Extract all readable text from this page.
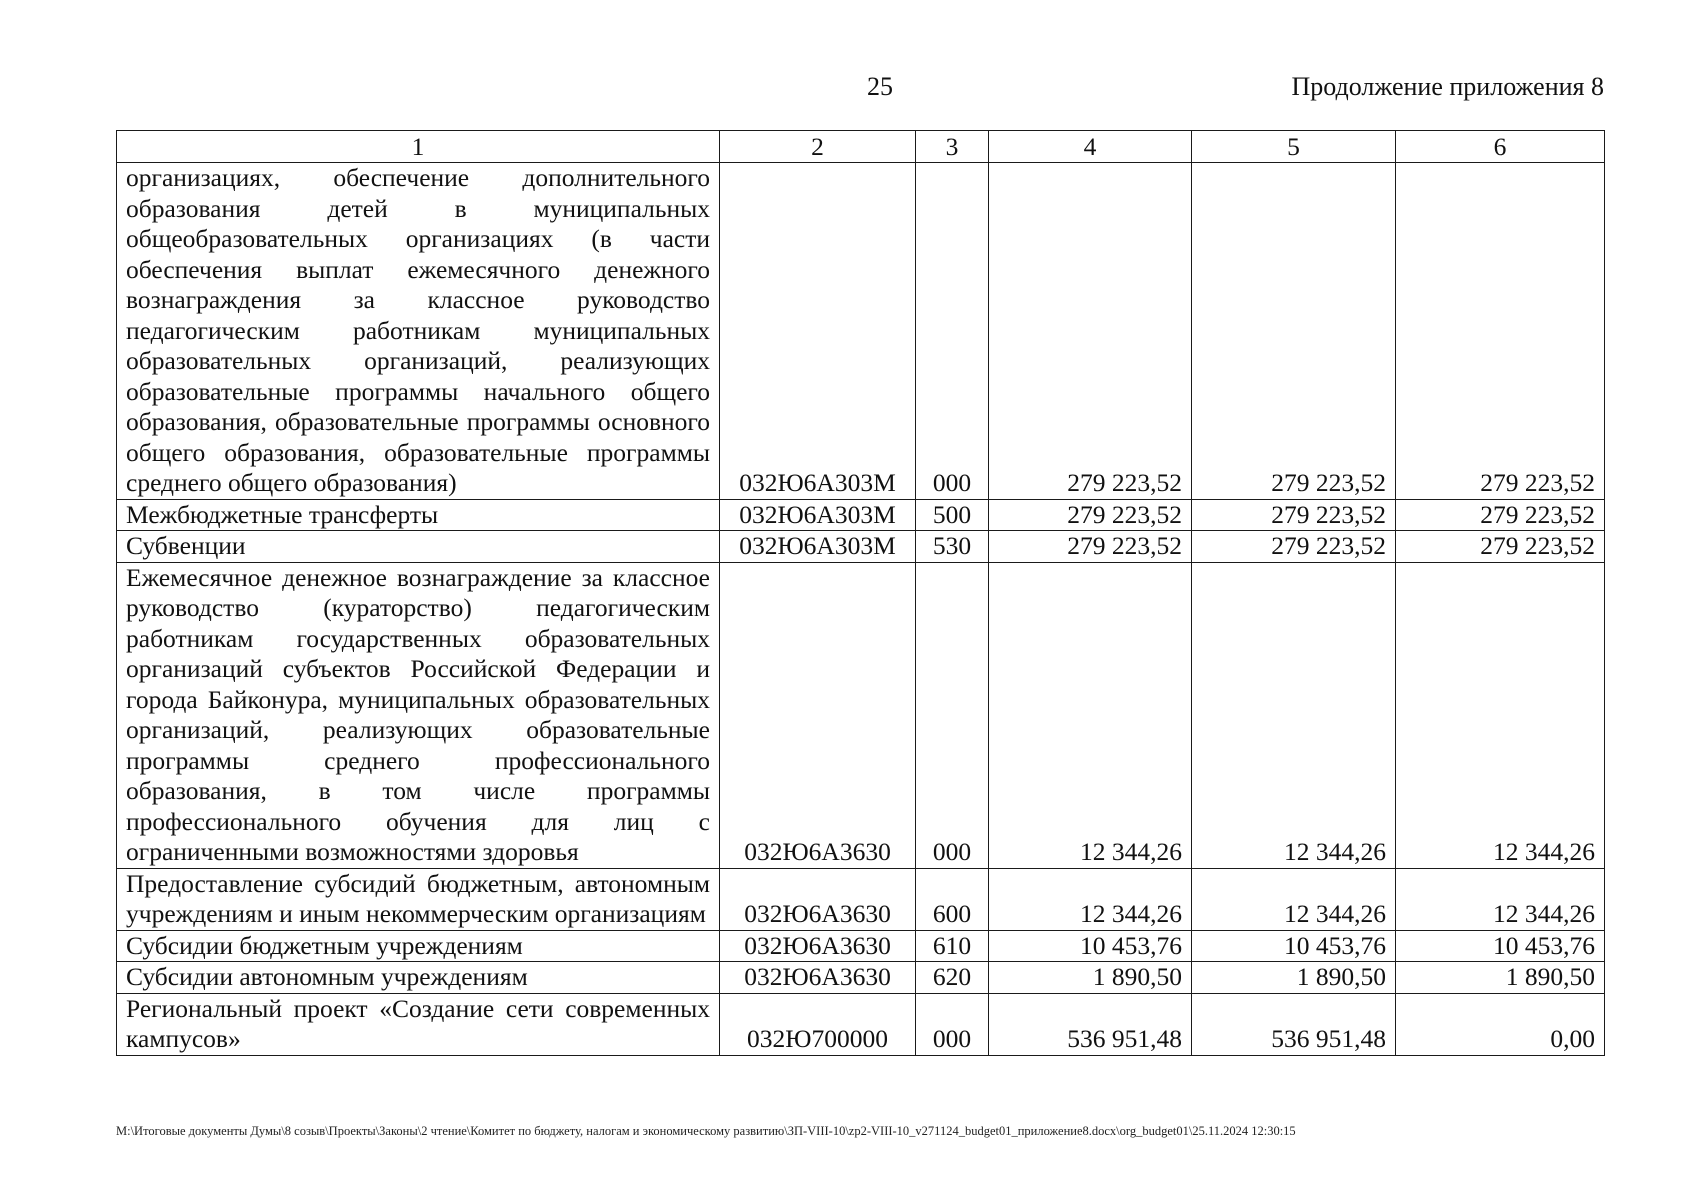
25	Продолжение приложения 8
1	2	3	4	5	6
организациях, обеспечение дополнительного образования детей в муниципальных общеобразовательных организациях (в части обеспечения выплат ежемесячного денежного вознаграждения за классное руководство педагогическим работникам муниципальных образовательных организаций, реализующих образовательные программы начального общего образования, образовательные программы основного общего образования, образовательные программы среднего общего образования)	032Ю6А303М	000	279 223,52	279 223,52	279 223,52
Межбюджетные трансферты	032Ю6А303М	500	279 223,52	279 223,52	279 223,52
Субвенции	032Ю6А303М	530	279 223,52	279 223,52	279 223,52
Ежемесячное денежное вознаграждение за классное руководство (кураторство) педагогическим работникам государственных образовательных организаций субъектов Российской Федерации и города Байконура, муниципальных образовательных организаций, реализующих образовательные программы среднего профессионального образования, в том числе программы профессионального обучения для лиц с ограниченными возможностями здоровья	032Ю6А3630	000	12 344,26	12 344,26	12 344,26
Предоставление субсидий бюджетным, автономным учреждениям и иным некоммерческим организациям	032Ю6А3630	600	12 344,26	12 344,26	12 344,26
Субсидии бюджетным учреждениям	032Ю6А3630	610	10 453,76	10 453,76	10 453,76
Субсидии автономным учреждениям	032Ю6А3630	620	1 890,50	1 890,50	1 890,50
Региональный проект «Создание сети современных кампусов»	032Ю700000	000	536 951,48	536 951,48	0,00
M:\Итоговые документы Думы\8 созыв\Проекты\Законы\2 чтение\Комитет по бюджету, налогам и экономическому развитию\ЗП-VIII-10\zp2-VIII-10_v271124_budget01_приложение8.docx\org_budget01\25.11.2024 12:30:15
